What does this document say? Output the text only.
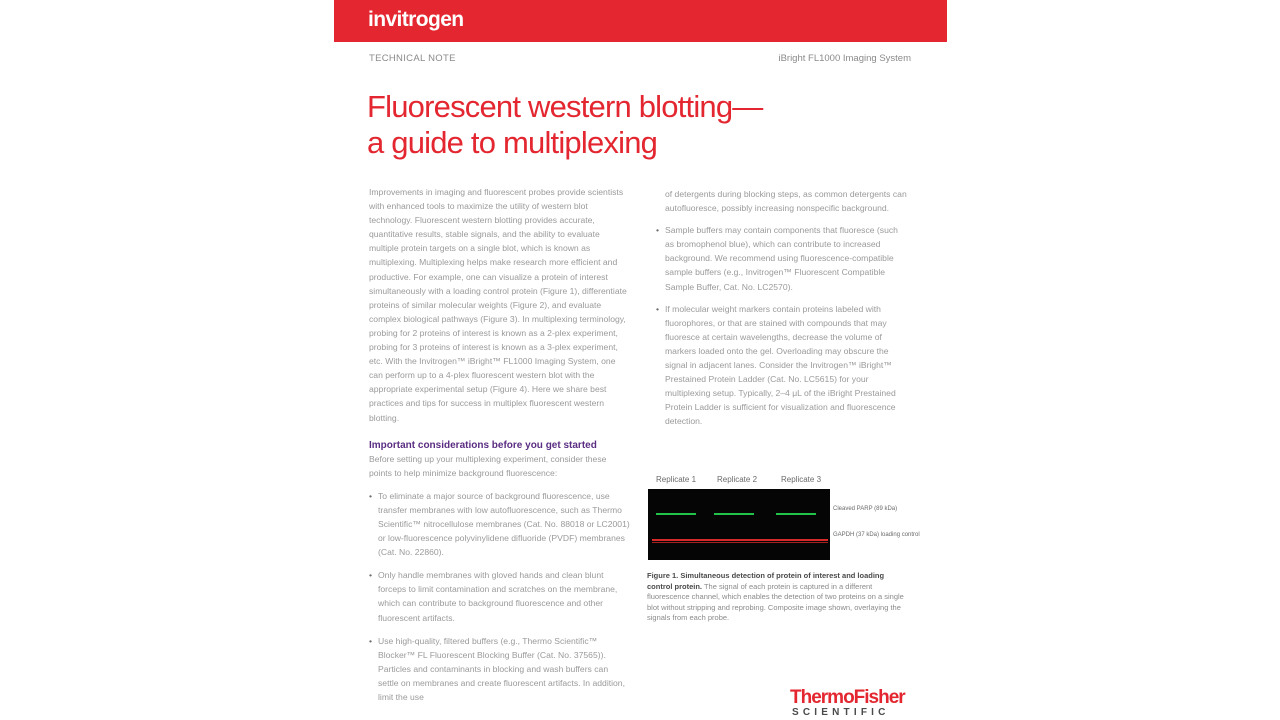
invitrogen
TECHNICAL NOTE	iBright FL1000 Imaging System
Fluorescent western blotting—
a guide to multiplexing

Improvements in imaging and fluorescent probes provide scientists with enhanced tools to maximize the utility of western blot technology. Fluorescent western blotting provides accurate, quantitative results, stable signals, and the ability to evaluate multiple protein targets on a single blot, which is known as multiplexing. Multiplexing helps make research more efficient and productive. For example, one can visualize a protein of interest simultaneously with a loading control protein (Figure 1), differentiate proteins of similar molecular weights (Figure 2), and evaluate complex biological pathways (Figure 3). In multiplexing terminology, probing for 2 proteins of interest is known as a 2-plex experiment, probing for 3 proteins of interest is known as a 3-plex experiment, etc. With the Invitrogen™ iBright™ FL1000 Imaging System, one can perform up to a 4-plex fluorescent western blot with the appropriate experimental setup (Figure 4). Here we share best practices and tips for success in multiplex fluorescent western blotting.

Important considerations before you get started

Before setting up your multiplexing experiment, consider these points to help minimize background fluorescence:

• To eliminate a major source of background fluorescence, use transfer membranes with low autofluorescence, such as Thermo Scientific™ nitrocellulose membranes (Cat. No. 88018 or LC2001) or low-fluorescence polyvinylidene difluoride (PVDF) membranes (Cat. No. 22860).
• Only handle membranes with gloved hands and clean blunt forceps to limit contamination and scratches on the membrane, which can contribute to background fluorescence and other fluorescent artifacts.
• Use high-quality, filtered buffers (e.g., Thermo Scientific™ Blocker™ FL Fluorescent Blocking Buffer (Cat. No. 37565)). Particles and contaminants in blocking and wash buffers can settle on membranes and create fluorescent artifacts. In addition, limit the use
of detergents during blocking steps, as common detergents can autofluoresce, possibly increasing nonspecific background.
• Sample buffers may contain components that fluoresce (such as bromophenol blue), which can contribute to increased background. We recommend using fluorescence-compatible sample buffers (e.g., Invitrogen™ Fluorescent Compatible Sample Buffer, Cat. No. LC2570).
• If molecular weight markers contain proteins labeled with fluorophores, or that are stained with compounds that may fluoresce at certain wavelengths, decrease the volume of markers loaded onto the gel. Overloading may obscure the signal in adjacent lanes. Consider the Invitrogen™ iBright™ Prestained Protein Ladder (Cat. No. LC5615) for your multiplexing setup. Typically, 2–4 μL of the iBright Prestained Protein Ladder is sufficient for visualization and fluorescence detection.
Replicate 1	Replicate 2	Replicate 3
Cleaved PARP (89 kDa)
GAPDH (37 kDa) loading control
Figure 1. Simultaneous detection of protein of interest and loading control protein. The signal of each protein is captured in a different fluorescence channel, which enables the detection of two proteins on a single blot without stripping and reprobing. Composite image shown, overlaying the signals from each probe.
ThermoFisher
SCIENTIFIC
